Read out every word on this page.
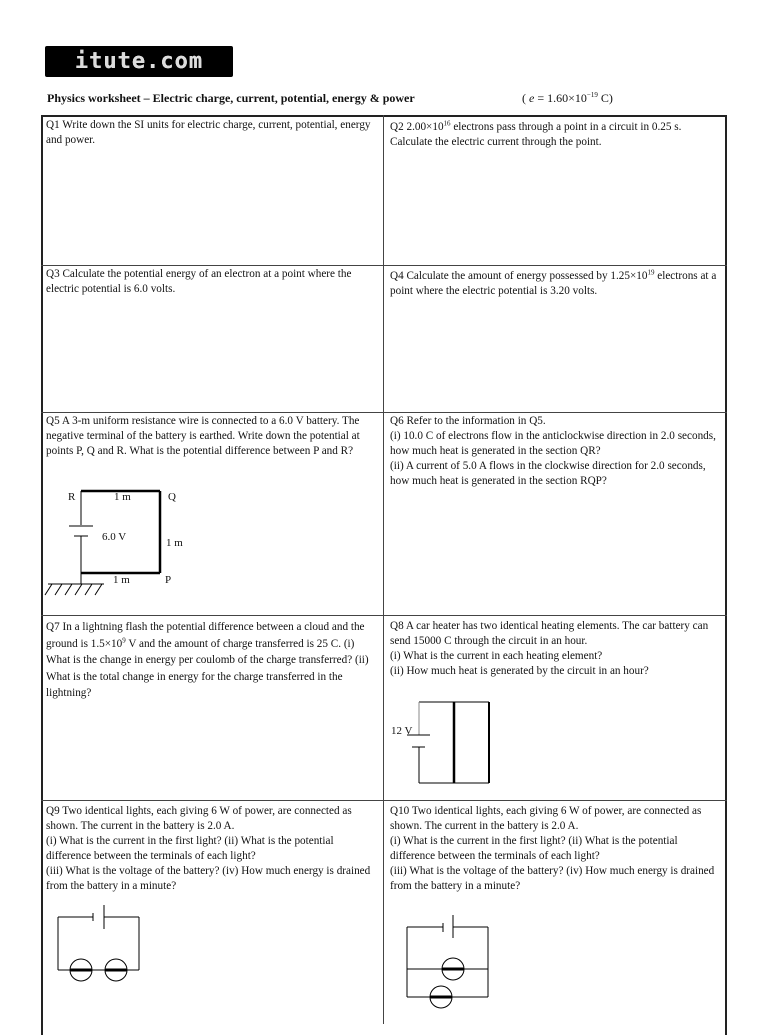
itute.com
Physics worksheet – Electric charge, current, potential, energy & power	( $e = 1.60\times 10^{-19}$ C)
Q1 Write down the SI units for electric charge, current, potential, energy and power.
Q2 $2.00\times 10^{16}$ electrons pass through a point in a circuit in 0.25 s. Calculate the electric current through the point.
Q3 Calculate the potential energy of an electron at a point where the electric potential is 6.0 volts.
Q4 Calculate the amount of energy possessed by $1.25\times 10^{19}$ electrons at a point where the electric potential is 3.20 volts.
Q5 A 3-m uniform resistance wire is connected to a 6.0 V battery. The negative terminal of the battery is earthed. Write down the potential at points P, Q and R. What is the potential difference between P and R?
Q6 Refer to the information in Q5.
(i) 10.0 C of electrons flow in the anticlockwise direction in 2.0 seconds, how much heat is generated in the section QR?
(ii) A current of 5.0 A flows in the clockwise direction for 2.0 seconds, how much heat is generated in the section RQP?
R	1 m	Q
6.0 V	1 m
1 m	P
Q7 In a lightning flash the potential difference between a cloud and the ground is $1.5\times 10^9$ V and the amount of charge transferred is 25 C. (i) What is the change in energy per coulomb of the charge transferred? (ii) What is the total change in energy for the charge transferred in the lightning?
Q8 A car heater has two identical heating elements. The car battery can send 15000 C through the circuit in an hour.
(i) What is the current in each heating element?
(ii) How much heat is generated by the circuit in an hour?
12 V
Q9 Two identical lights, each giving 6 W of power, are connected as shown. The current in the battery is 2.0 A.
(i) What is the current in the first light? (ii) What is the potential difference between the terminals of each light?
(iii) What is the voltage of the battery? (iv) How much energy is drained from the battery in a minute?
Q10 Two identical lights, each giving 6 W of power, are connected as shown. The current in the battery is 2.0 A.
(i) What is the current in the first light? (ii) What is the potential difference between the terminals of each light?
(iii) What is the voltage of the battery? (iv) How much energy is drained from the battery in a minute?
